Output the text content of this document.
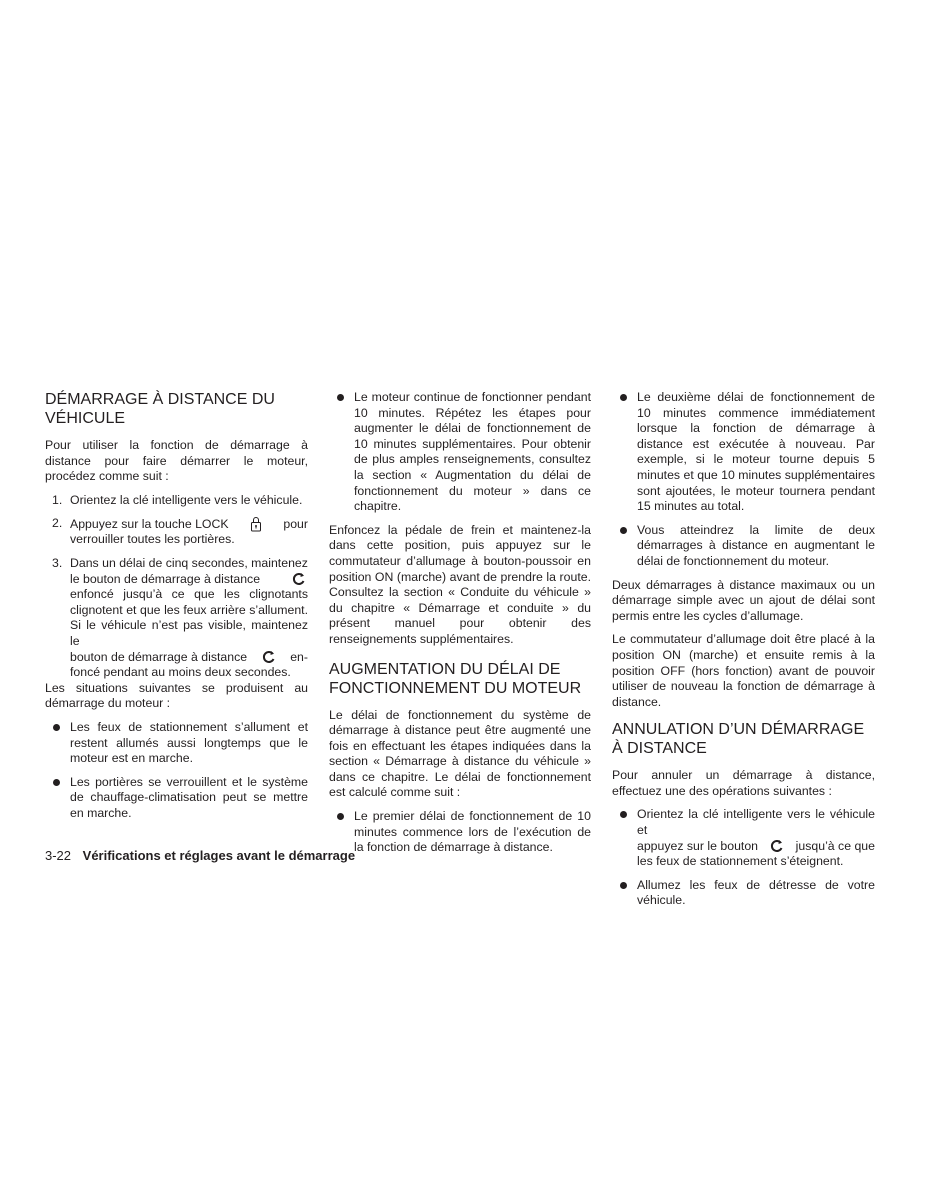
DÉMARRAGE À DISTANCE DU VÉHICULE

Pour utiliser la fonction de démarrage à distance pour faire démarrer le moteur, procédez comme suit :

1. Orientez la clé intelligente vers le véhicule.
2. Appuyez sur la touche LOCK	pour
verrouiller toutes les portières.
3. Dans un délai de cinq secondes, maintenez
le bouton de démarrage à distance
enfoncé jusqu’à ce que les clignotants clignotent et que les feux arrière s’allument. Si le véhicule n’est pas visible, maintenez le
bouton de démarrage à distance	en-
foncé pendant au moins deux secondes.

Les situations suivantes se produisent au démarrage du moteur :

Les feux de stationnement s’allument et restent allumés aussi longtemps que le moteur est en marche.
Les portières se verrouillent et le système de chauffage-climatisation peut se mettre en marche.
Le moteur continue de fonctionner pendant 10 minutes. Répétez les étapes pour augmenter le délai de fonctionnement de 10 minutes supplémentaires. Pour obtenir de plus amples renseignements, consultez la section « Augmentation du délai de fonctionnement du moteur » dans ce chapitre.

Enfoncez la pédale de frein et maintenez-la dans cette position, puis appuyez sur le commutateur d’allumage à bouton-poussoir en position ON (marche) avant de prendre la route. Consultez la section « Conduite du véhicule » du chapitre « Démarrage et conduite » du présent manuel pour obtenir des renseignements supplémentaires.

AUGMENTATION DU DÉLAI DE FONCTIONNEMENT DU MOTEUR

Le délai de fonctionnement du système de démarrage à distance peut être augmenté une fois en effectuant les étapes indiquées dans la section « Démarrage à distance du véhicule » dans ce chapitre. Le délai de fonctionnement est calculé comme suit :

Le premier délai de fonctionnement de 10 minutes commence lors de l’exécution de la fonction de démarrage à distance.
Le deuxième délai de fonctionnement de 10 minutes commence immédiatement lorsque la fonction de démarrage à distance est exécutée à nouveau. Par exemple, si le moteur tourne depuis 5 minutes et que 10 minutes supplémentaires sont ajoutées, le moteur tournera pendant 15 minutes au total.
Vous atteindrez la limite de deux démarrages à distance en augmentant le délai de fonctionnement du moteur.

Deux démarrages à distance maximaux ou un démarrage simple avec un ajout de délai sont permis entre les cycles d’allumage.

Le commutateur d’allumage doit être placé à la position ON (marche) et ensuite remis à la position OFF (hors fonction) avant de pouvoir utiliser de nouveau la fonction de démarrage à distance.

ANNULATION D’UN DÉMARRAGE À DISTANCE

Pour annuler un démarrage à distance, effectuez une des opérations suivantes :

Orientez la clé intelligente vers le véhicule et
appuyez sur le bouton	jusqu’à ce que
les feux de stationnement s’éteignent.
Allumez les feux de détresse de votre véhicule.
3-22 Vérifications et réglages avant le démarrage
